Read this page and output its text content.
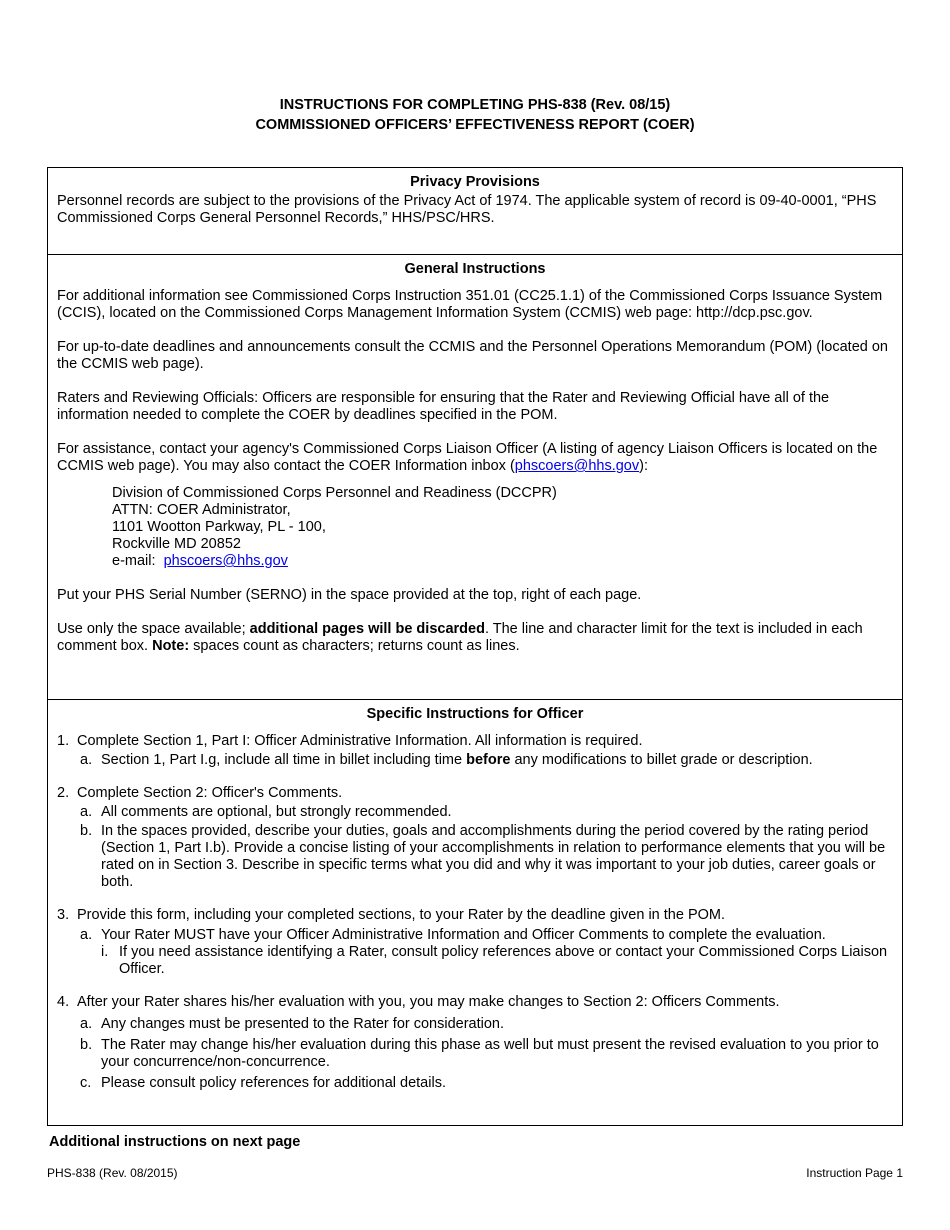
INSTRUCTIONS FOR COMPLETING PHS-838 (Rev. 08/15)
COMMISSIONED OFFICERS’ EFFECTIVENESS REPORT (COER)
Privacy Provisions
Personnel records are subject to the provisions of the Privacy Act of 1974. The applicable system of record is 09-40-0001, “PHS Commissioned Corps General Personnel Records,” HHS/PSC/HRS.
General Instructions
For additional information see Commissioned Corps Instruction 351.01 (CC25.1.1) of the Commissioned Corps Issuance System (CCIS), located on the Commissioned Corps Management Information System (CCMIS) web page: http://dcp.psc.gov.
For up-to-date deadlines and announcements consult the CCMIS and the Personnel Operations Memorandum (POM) (located on the CCMIS web page).
Raters and Reviewing Officials: Officers are responsible for ensuring that the Rater and Reviewing Official have all of the information needed to complete the COER by deadlines specified in the POM.
For assistance, contact your agency's Commissioned Corps Liaison Officer (A listing of agency Liaison Officers is located on the CCMIS web page). You may also contact the COER Information inbox (phscoers@hhs.gov):
Division of Commissioned Corps Personnel and Readiness (DCCPR)
ATTN: COER Administrator,
1101 Wootton Parkway, PL - 100,
Rockville MD 20852
e-mail:  phscoers@hhs.gov
Put your PHS Serial Number (SERNO) in the space provided at the top, right of each page.
Use only the space available; additional pages will be discarded. The line and character limit for the text is included in each comment box. Note: spaces count as characters; returns count as lines.
Specific Instructions for Officer
1. Complete Section 1, Part I: Officer Administrative Information. All information is required.
a. Section 1, Part I.g, include all time in billet including time before any modifications to billet grade or description.
2. Complete Section 2: Officer's Comments.
a. All comments are optional, but strongly recommended.
b. In the spaces provided, describe your duties, goals and accomplishments during the period covered by the rating period (Section 1, Part I.b). Provide a concise listing of your accomplishments in relation to performance elements that you will be rated on in Section 3. Describe in specific terms what you did and why it was important to your job duties, career goals or both.
3. Provide this form, including your completed sections, to your Rater by the deadline given in the POM.
a. Your Rater MUST have your Officer Administrative Information and Officer Comments to complete the evaluation.
i. If you need assistance identifying a Rater, consult policy references above or contact your Commissioned Corps Liaison Officer.
4. After your Rater shares his/her evaluation with you, you may make changes to Section 2: Officers Comments.
a. Any changes must be presented to the Rater for consideration.
b. The Rater may change his/her evaluation during this phase as well but must present the revised evaluation to you prior to your concurrence/non-concurrence.
c. Please consult policy references for additional details.
Additional instructions on next page
PHS-838 (Rev. 08/2015)	Instruction Page 1
